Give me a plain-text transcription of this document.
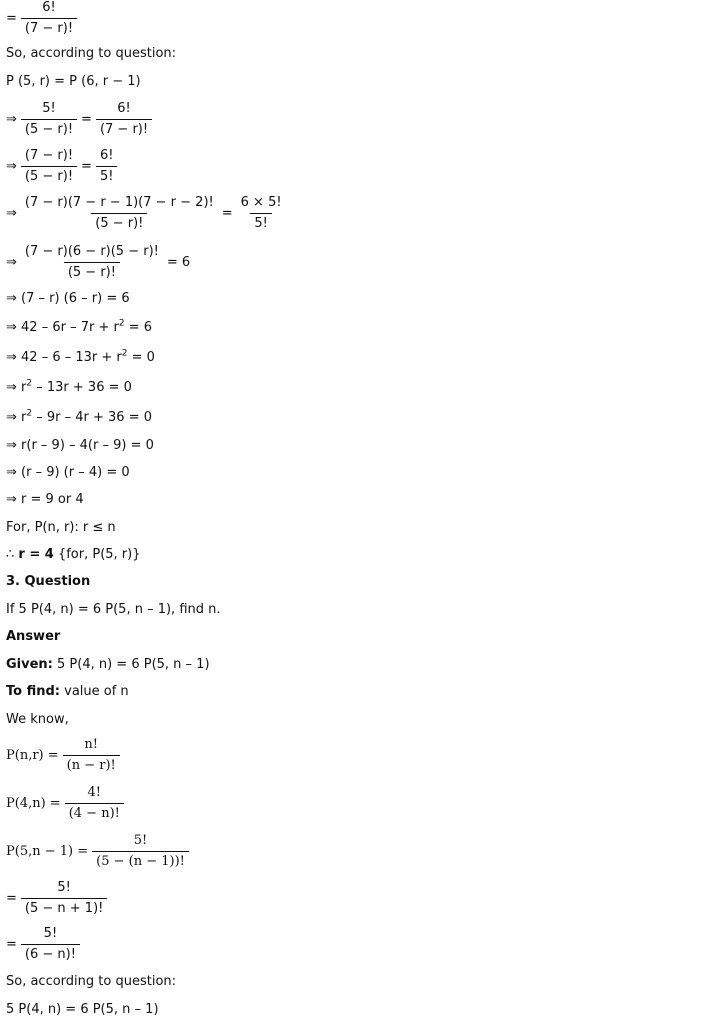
= $\frac{6!}{(7 - r)!}$
So, according to question:
P (5, r) = P (6, r − 1)
⇒ $\frac{5!}{(5 - r)!} = \frac{6!}{(7 - r)!}$
⇒ $\frac{(7 - r)!}{(5 - r)!} = \frac{6!}{5!}$
⇒ $\frac{(7 - r)(7 - r - 1)(7 - r - 2)!}{(5 - r)!} = \frac{6 \times 5!}{5!}$
⇒ $\frac{(7 - r)(6 - r)(5 - r)!}{(5 - r)!} = 6$
⇒ (7 – r) (6 – r) = 6
⇒ $42 - 6r - 7r + r^2 = 6$
⇒ $42 - 6 - 13r + r^2 = 0$
⇒ $r^2 - 13r + 36 = 0$
⇒ $r^2 - 9r - 4r + 36 = 0$
⇒ r(r – 9) – 4(r – 9) = 0
⇒ (r – 9) (r – 4) = 0
⇒ r = 9 or 4
For, P(n, r): r ≤ n
∴ r = 4 {for, P(5, r)}
3. Question
If 5 P(4, n) = 6 P(5, n – 1), find n.
Answer
Given: 5 P(4, n) = 6 P(5, n – 1)
To find: value of n
We know,
$P(n,r) = \frac{n!}{(n - r)!}$
$P(4,n) = \frac{4!}{(4 - n)!}$
$P(5,n - 1) = \frac{5!}{(5 - (n - 1))!}$
= $\frac{5!}{(5 - n + 1)!}$
= $\frac{5!}{(6 - n)!}$
So, according to question:
5 P(4, n) = 6 P(5, n – 1)
